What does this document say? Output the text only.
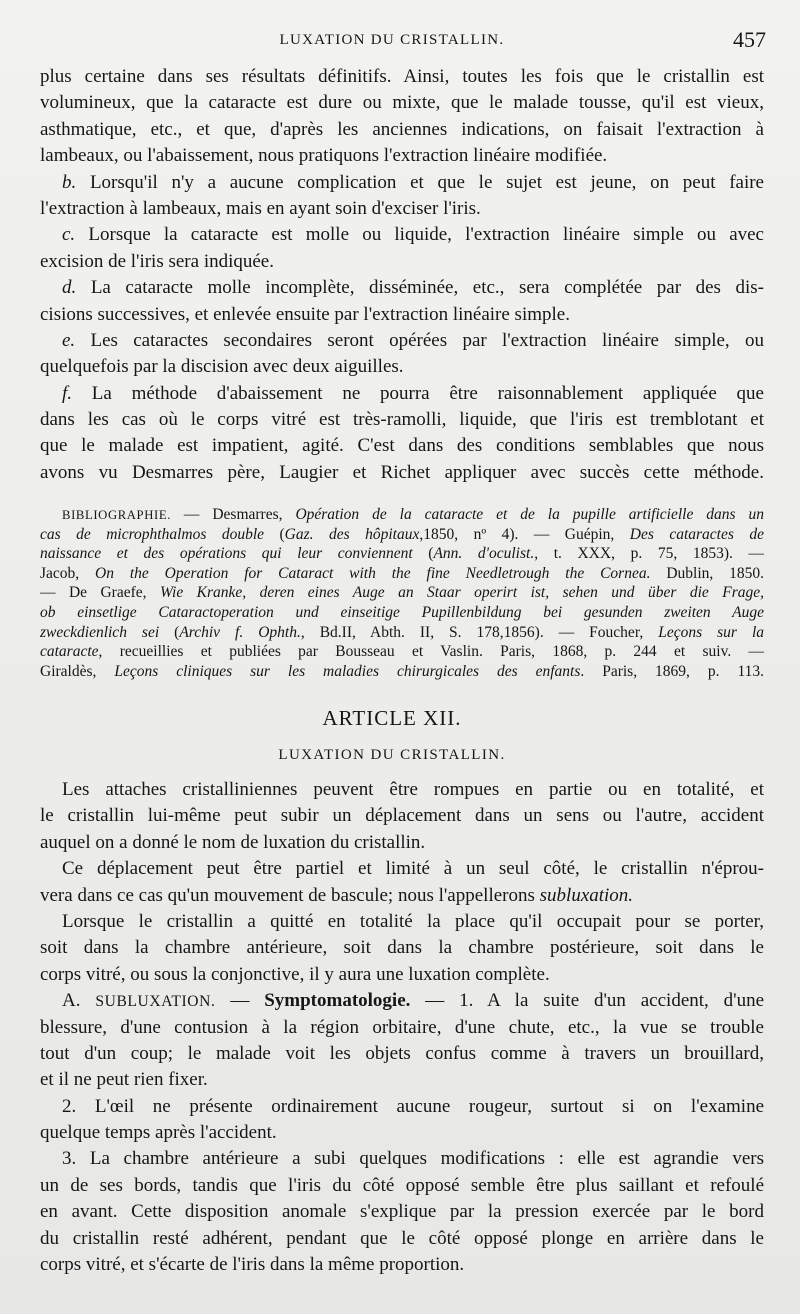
LUXATION DU CRISTALLIN.	457
plus certaine dans ses résultats définitifs. Ainsi, toutes les fois que le cristallin est
volumineux, que la cataracte est dure ou mixte, que le malade tousse, qu'il est vieux,
asthmatique, etc., et que, d'après les anciennes indications, on faisait l'extraction à
lambeaux, ou l'abaissement, nous pratiquons l'extraction linéaire modifiée.
b. Lorsqu'il n'y a aucune complication et que le sujet est jeune, on peut faire
l'extraction à lambeaux, mais en ayant soin d'exciser l'iris.
c. Lorsque la cataracte est molle ou liquide, l'extraction linéaire simple ou avec
excision de l'iris sera indiquée.
d. La cataracte molle incomplète, disséminée, etc., sera complétée par des dis-
cisions successives, et enlevée ensuite par l'extraction linéaire simple.
e. Les cataractes secondaires seront opérées par l'extraction linéaire simple, ou
quelquefois par la discision avec deux aiguilles.
f. La méthode d'abaissement ne pourra être raisonnablement appliquée que
dans les cas où le corps vitré est très-ramolli, liquide, que l'iris est tremblotant et
que le malade est impatient, agité. C'est dans des conditions semblables que nous
avons vu Desmarres père, Laugier et Richet appliquer avec succès cette méthode.
BIBLIOGRAPHIE. — Desmarres, Opération de la cataracte et de la pupille artificielle dans un
cas de microphthalmos double (Gaz. des hôpitaux,1850, nº 4). — Guépin, Des cataractes de
naissance et des opérations qui leur conviennent (Ann. d'oculist., t. XXX, p. 75, 1853). —
Jacob, On the Operation for Cataract with the fine Needletrough the Cornea. Dublin, 1850.
— De Graefe, Wie Kranke, deren eines Auge an Staar operirt ist, sehen und über die Frage,
ob einsetlige Cataractoperation und einseitige Pupillenbildung bei gesunden zweiten Auge
zweckdienlich sei (Archiv f. Ophth., Bd.II, Abth. II, S. 178,1856). — Foucher, Leçons sur la
cataracte, recueillies et publiées par Bousseau et Vaslin. Paris, 1868, p. 244 et suiv. —
Giraldès, Leçons cliniques sur les maladies chirurgicales des enfants. Paris, 1869, p. 113.
ARTICLE XII.
LUXATION DU CRISTALLIN.
Les attaches cristalliniennes peuvent être rompues en partie ou en totalité, et
le cristallin lui-même peut subir un déplacement dans un sens ou l'autre, accident
auquel on a donné le nom de luxation du cristallin.
Ce déplacement peut être partiel et limité à un seul côté, le cristallin n'éprou-
vera dans ce cas qu'un mouvement de bascule; nous l'appellerons subluxation.
Lorsque le cristallin a quitté en totalité la place qu'il occupait pour se porter,
soit dans la chambre antérieure, soit dans la chambre postérieure, soit dans le
corps vitré, ou sous la conjonctive, il y aura une luxation complète.
A. SUBLUXATION. — Symptomatologie. — 1. A la suite d'un accident, d'une
blessure, d'une contusion à la région orbitaire, d'une chute, etc., la vue se trouble
tout d'un coup; le malade voit les objets confus comme à travers un brouillard,
et il ne peut rien fixer.
2. L'œil ne présente ordinairement aucune rougeur, surtout si on l'examine
quelque temps après l'accident.
3. La chambre antérieure a subi quelques modifications : elle est agrandie vers
un de ses bords, tandis que l'iris du côté opposé semble être plus saillant et refoulé
en avant. Cette disposition anomale s'explique par la pression exercée par le bord
du cristallin resté adhérent, pendant que le côté opposé plonge en arrière dans le
corps vitré, et s'écarte de l'iris dans la même proportion.
